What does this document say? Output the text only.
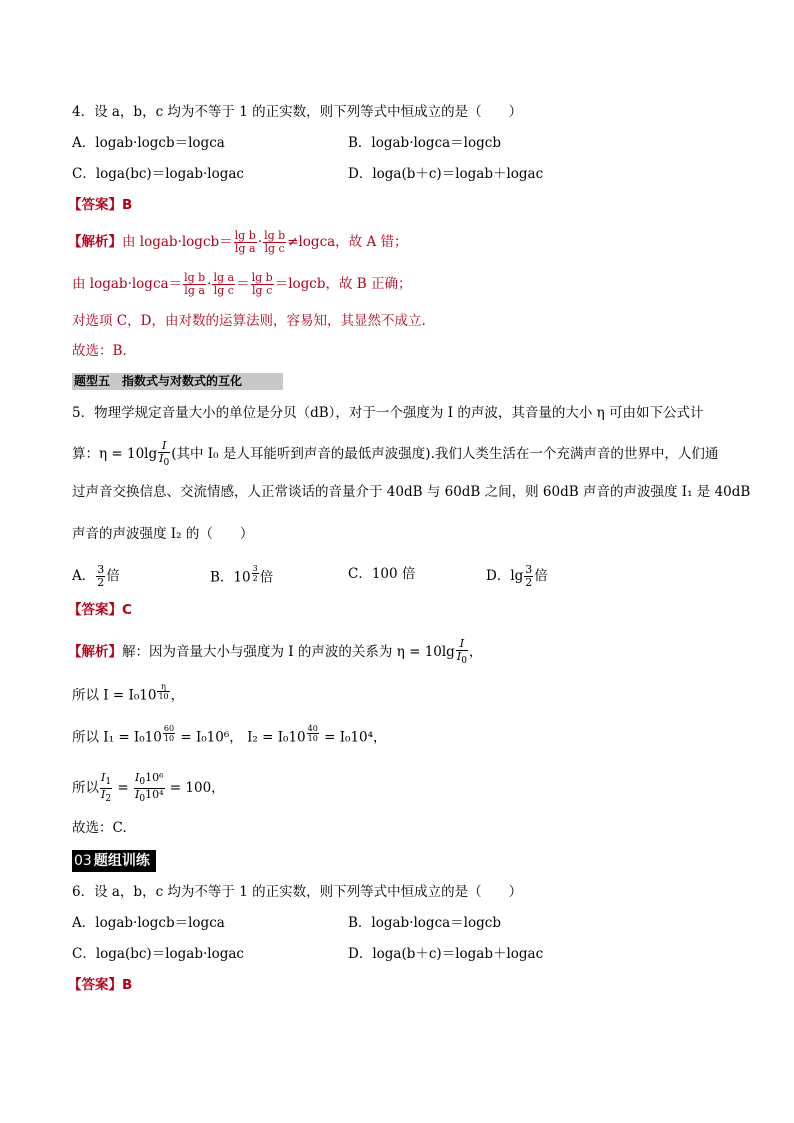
4．设 a，b，c 均为不等于 1 的正实数，则下列等式中恒成立的是（　　）
A．logab·logcb＝logca	B．logab·logca＝logcb
C．loga(bc)＝logab·logac	D．loga(b＋c)＝logab＋logac
【答案】B
【解析】由 logab·logcb＝ $\frac{\text{lg b}}{\text{lg a}} \cdot \frac{\text{lg b}}{\text{lg c}}$ ≠logca，故 A 错；
由 logab·logca＝ $\frac{\text{lg b}}{\text{lg a}} \cdot \frac{\text{lg a}}{\text{lg c}} = \frac{\text{lg b}}{\text{lg c}}$ ＝logcb，故 B 正确；
对选项 C，D，由对数的运算法则，容易知，其显然不成立.
故选：B.
题型五　指数式与对数式的互化
5．物理学规定音量大小的单位是分贝（dB），对于一个强度为 I 的声波，其音量的大小 η 可由如下公式计
算：$\eta = 10\lg \frac{I}{I_0}$ (其中 I₀ 是人耳能听到声音的最低声波强度).我们人类生活在一个充满声音的世界中，人们通
过声音交换信息、交流情感，人正常谈话的音量介于 40dB 与 60dB 之间，则 60dB 声音的声波强度 I₁ 是 40dB
声音的声波强度 I₂ 的（　　）
A． $\frac{3}{2}$ 倍	B．10 $^{\frac{3}{2}}$ 倍	C．100 倍	D．$\lg \frac{3}{2}$ 倍
【答案】C
【解析】解：因为音量大小与强度为 I 的声波的关系为 $\eta = 10\lg \frac{I}{I_0}$ ，
所以 I = I₀10 $^{\frac{\eta}{10}}$ ，
所以 I₁ = I₀10 $^{\frac{60}{10}}$ = I₀10⁶， I₂ = I₀10 $^{\frac{40}{10}}$ = I₀10⁴，
所以 $\frac{I_1}{I_2} = \frac{I_010^6}{I_010^4} = 100$，
故选：C.
03 题组训练
6．设 a，b，c 均为不等于 1 的正实数，则下列等式中恒成立的是（　　）
A．logab·logcb＝logca	B．logab·logca＝logcb
C．loga(bc)＝logab·logac	D．loga(b＋c)＝logab＋logac
【答案】B
